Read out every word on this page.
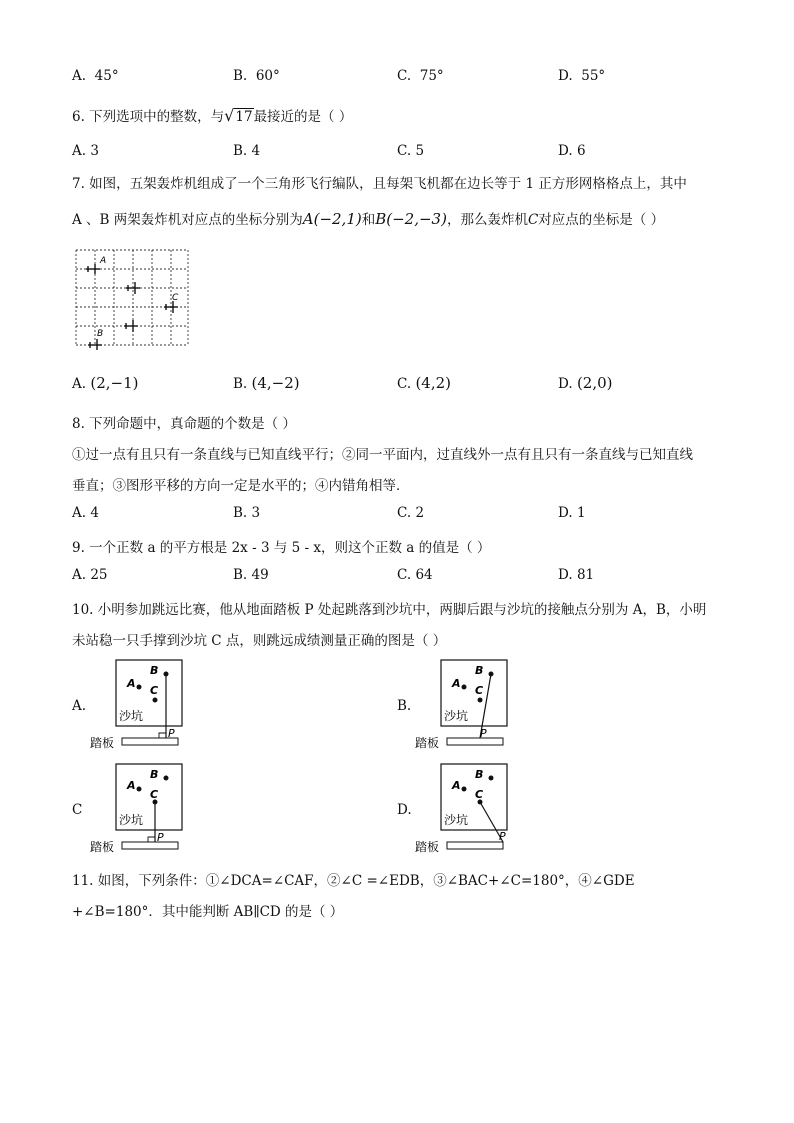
A. 45°	B. 60°	C. 75°	D. 55°
6. 下列选项中的整数，与√17最接近的是（ ）
A. 3	B. 4	C. 5	D. 6
7. 如图，五架轰炸机组成了一个三角形飞行编队，且每架飞机都在边长等于 1 正方形网格格点上，其中
A 、B 两架轰炸机对应点的坐标分别为A(−2,1)和B(−2,−3)，那么轰炸机C对应点的坐标是（ ）
A
C
B
A. (2,−1)	B. (4,−2)	C. (4,2)	D. (2,0)
8. 下列命题中，真命题的个数是（ ）
①过一点有且只有一条直线与已知直线平行；②同一平面内，过直线外一点有且只有一条直线与已知直线
垂直；③图形平移的方向一定是水平的；④内错角相等．
A. 4	B. 3	C. 2	D. 1
9. 一个正数 a 的平方根是 2x - 3 与 5 - x，则这个正数 a 的值是（ ）
A. 25	B. 49	C. 64	D. 81
10. 小明参加跳远比赛，他从地面踏板 P 处起跳落到沙坑中，两脚后跟与沙坑的接触点分别为 A，B，小明
未站稳一只手撑到沙坑 C 点，则跳远成绩测量正确的图是（ ）
A.	B.
C	D.
A
B
C
P
沙坑
踏板
A
B
C
P
沙坑
踏板
A
B
C
P
沙坑
踏板
A
B
C
P
沙坑
踏板
11. 如图，下列条件：①∠DCA=∠CAF，②∠C =∠EDB，③∠BAC+∠C=180°，④∠GDE
+∠B=180°．其中能判断 AB∥CD 的是（ ）
